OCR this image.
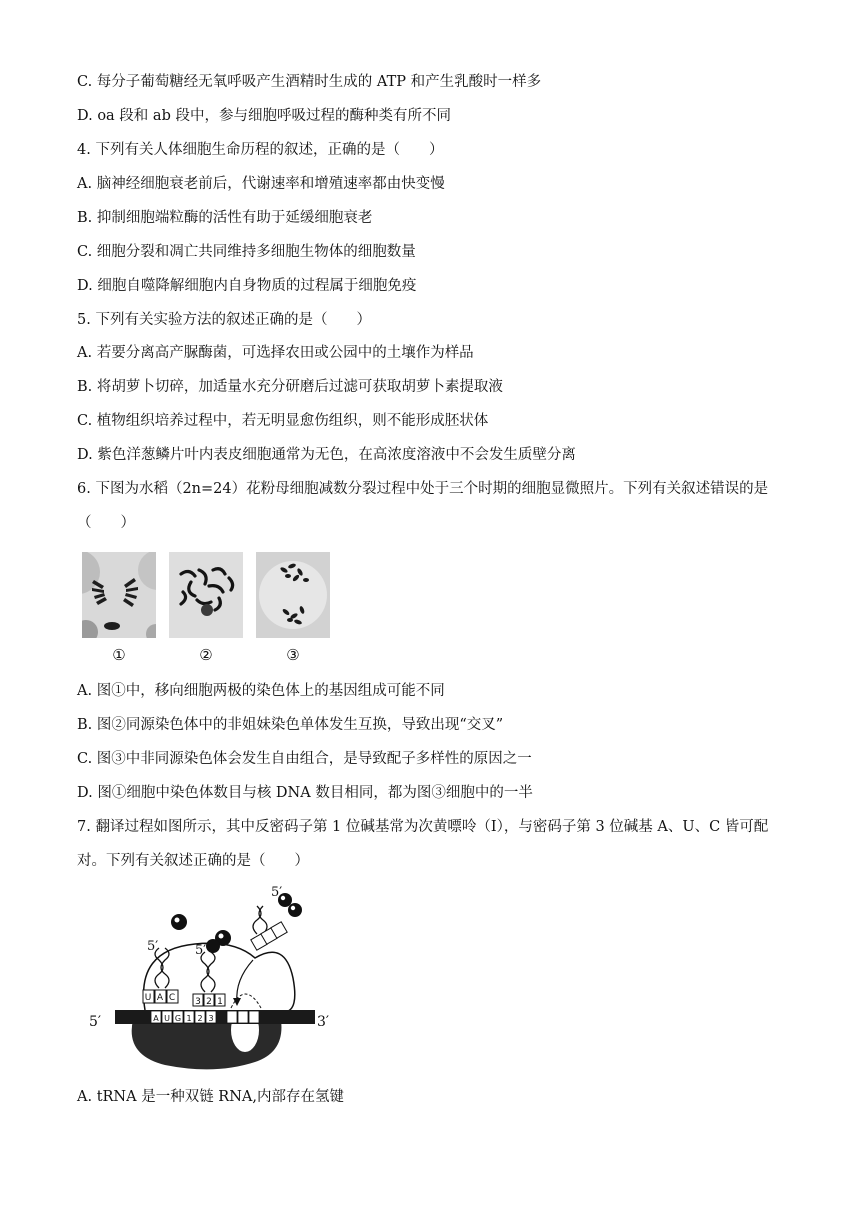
C. 每分子葡萄糖经无氧呼吸产生酒精时生成的 ATP 和产生乳酸时一样多
D. oa 段和 ab 段中，参与细胞呼吸过程的酶种类有所不同
4. 下列有关人体细胞生命历程的叙述，正确的是（　　）
A. 脑神经细胞衰老前后，代谢速率和增殖速率都由快变慢
B. 抑制细胞端粒酶的活性有助于延缓细胞衰老
C. 细胞分裂和凋亡共同维持多细胞生物体的细胞数量
D. 细胞自噬降解细胞内自身物质的过程属于细胞免疫
5. 下列有关实验方法的叙述正确的是（　　）
A. 若要分离高产脲酶菌，可选择农田或公园中的土壤作为样品
B. 将胡萝卜切碎，加适量水充分研磨后过滤可获取胡萝卜素提取液
C. 植物组织培养过程中，若无明显愈伤组织，则不能形成胚状体
D. 紫色洋葱鳞片叶内表皮细胞通常为无色，在高浓度溶液中不会发生质壁分离
6. 下图为水稻（2n=24）花粉母细胞减数分裂过程中处于三个时期的细胞显微照片。下列有关叙述错误的是
（　　）
①	②	③
A. 图①中，移向细胞两极的染色体上的基因组成可能不同
B. 图②同源染色体中的非姐妹染色单体发生互换，导致出现“交叉”
C. 图③中非同源染色体会发生自由组合，是导致配子多样性的原因之一
D. 图①细胞中染色体数目与核 DNA 数目相同，都为图③细胞中的一半
7. 翻译过程如图所示，其中反密码子第 1 位碱基常为次黄嘌呤（I），与密码子第 3 位碱基 A、U、C 皆可配
对。下列有关叙述正确的是（　　）
A U G 1 2 3
U A C 3 2 1
5′
5′	5′
5′	3′
A. tRNA 是一种双链 RNA,内部存在氢键
